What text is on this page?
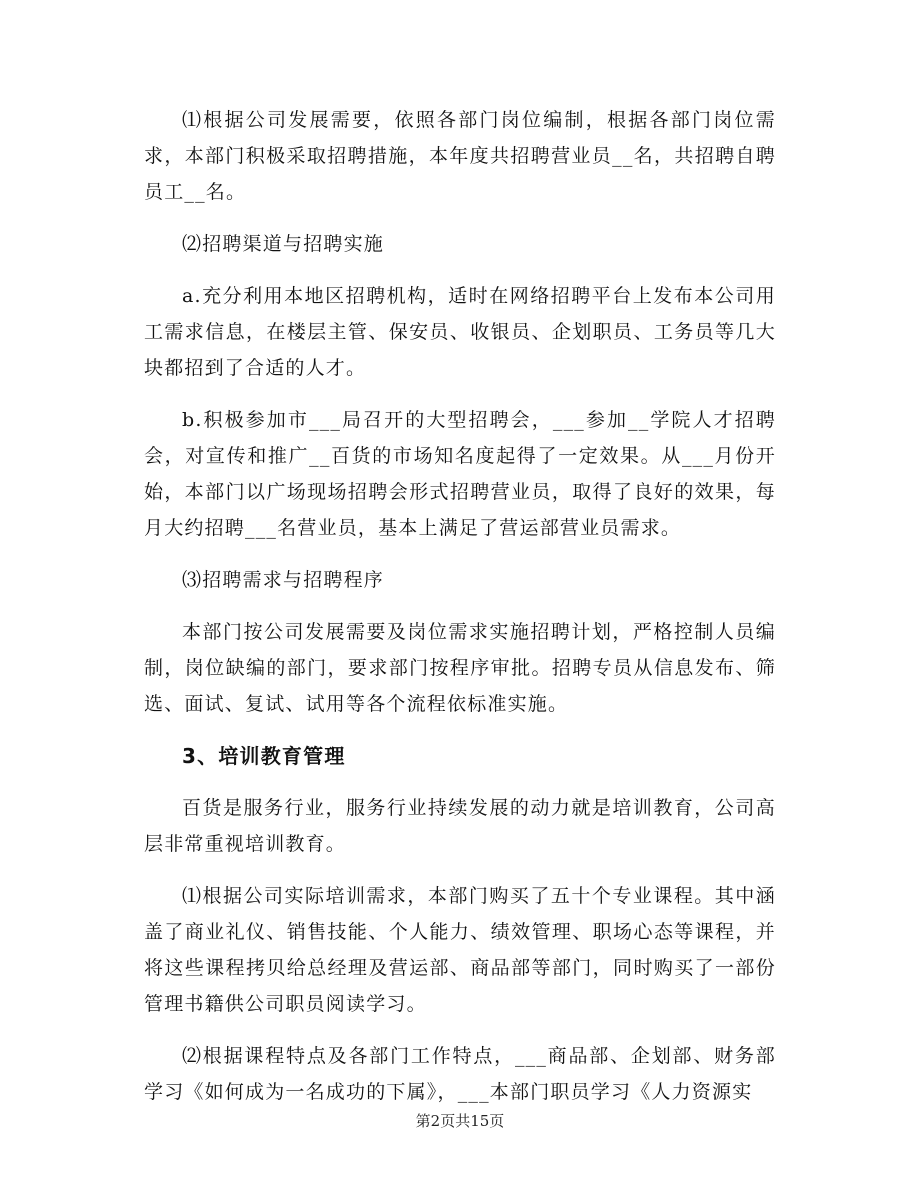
⑴根据公司发展需要，依照各部门岗位编制，根据各部门岗位需求，本部门积极采取招聘措施，本年度共招聘营业员__名，共招聘自聘员工__名。

⑵招聘渠道与招聘实施

a.充分利用本地区招聘机构，适时在网络招聘平台上发布本公司用工需求信息，在楼层主管、保安员、收银员、企划职员、工务员等几大块都招到了合适的人才。

b.积极参加市___局召开的大型招聘会，___参加__学院人才招聘会，对宣传和推广__百货的市场知名度起得了一定效果。从___月份开始，本部门以广场现场招聘会形式招聘营业员，取得了良好的效果，每月大约招聘___名营业员，基本上满足了营运部营业员需求。

⑶招聘需求与招聘程序

本部门按公司发展需要及岗位需求实施招聘计划，严格控制人员编制，岗位缺编的部门，要求部门按程序审批。招聘专员从信息发布、筛选、面试、复试、试用等各个流程依标准实施。

3、培训教育管理

百货是服务行业，服务行业持续发展的动力就是培训教育，公司高层非常重视培训教育。

⑴根据公司实际培训需求，本部门购买了五十个专业课程。其中涵盖了商业礼仪、销售技能、个人能力、绩效管理、职场心态等课程，并将这些课程拷贝给总经理及营运部、商品部等部门，同时购买了一部份管理书籍供公司职员阅读学习。

⑵根据课程特点及各部门工作特点，___商品部、企划部、财务部学习《如何成为一名成功的下属》，___本部门职员学习《人力资源实

第2页共15页
